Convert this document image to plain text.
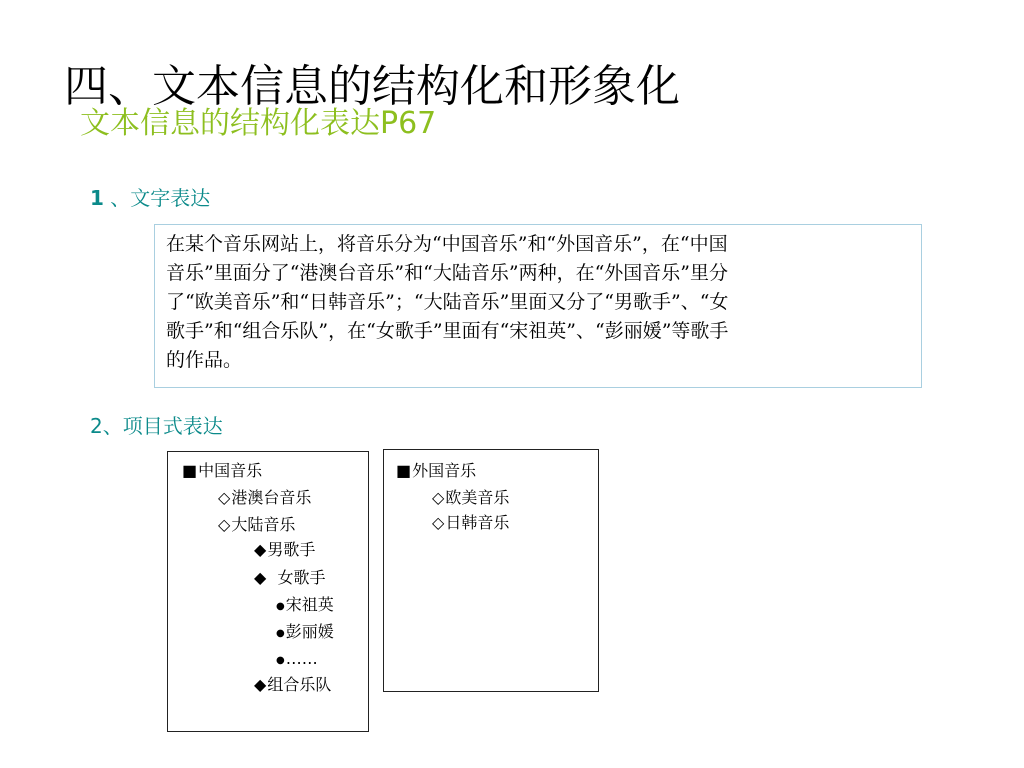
四、文本信息的结构化和形象化
文本信息的结构化表达P67
1 、文字表达
在某个音乐网站上，将音乐分为“中国音乐”和“外国音乐”，在“中国
音乐”里面分了“港澳台音乐”和“大陆音乐”两种，在“外国音乐”里分
了“欧美音乐”和“日韩音乐”；“大陆音乐”里面又分了“男歌手”、“女
歌手”和“组合乐队”，在“女歌手”里面有“宋祖英”、“彭丽媛”等歌手
的作品。
2、项目式表达
■中国音乐
◇港澳台音乐
◇大陆音乐
◆男歌手
◆  女歌手
●宋祖英
●彭丽媛
●……
◆组合乐队
■外国音乐
◇欧美音乐
◇日韩音乐
